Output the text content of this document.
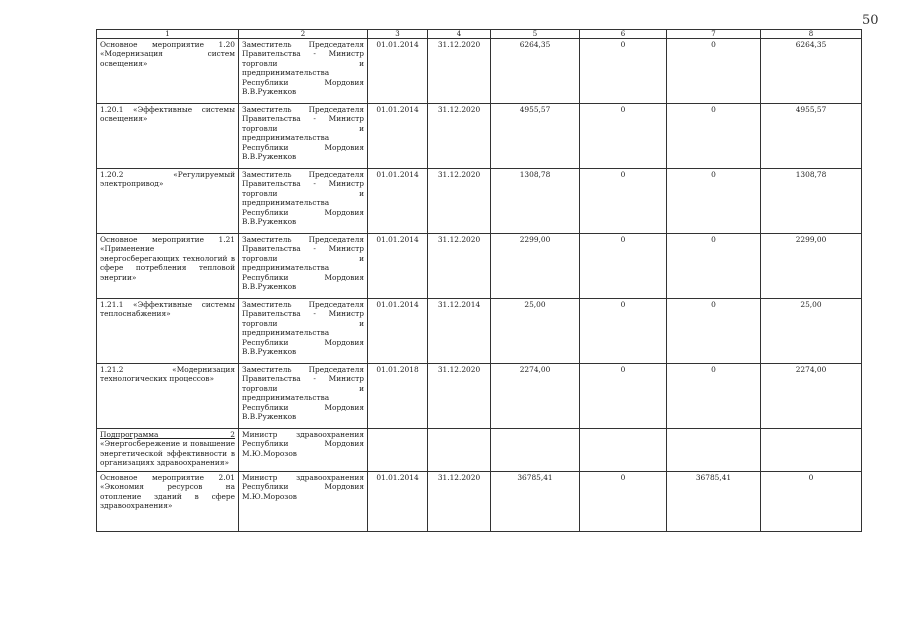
50
1	2	3	4	5	6	7	8
Основное мероприятие 1.20 «Модернизация систем освещения»	Заместитель Председателя Правительства - Министр торговли и предпринимательства Республики Мордовия В.В.Руженков	01.01.2014	31.12.2020	6264,35	0	0	6264,35
1.20.1 «Эффективные системы освещения»	Заместитель Председателя Правительства - Министр торговли и предпринимательства Республики Мордовия В.В.Руженков	01.01.2014	31.12.2020	4955,57	0	0	4955,57
1.20.2 «Регулируемый электропривод»	Заместитель Председателя Правительства - Министр торговли и предпринимательства Республики Мордовия В.В.Руженков	01.01.2014	31.12.2020	1308,78	0	0	1308,78
Основное мероприятие 1.21 «Применение энергосберегающих технологий в сфере потребления тепловой энергии»	Заместитель Председателя Правительства - Министр торговли и предпринимательства Республики Мордовия В.В.Руженков	01.01.2014	31.12.2020	2299,00	0	0	2299,00
1.21.1 «Эффективные системы теплоснабжения»	Заместитель Председателя Правительства - Министр торговли и предпринимательства Республики Мордовия В.В.Руженков	01.01.2014	31.12.2014	25,00	0	0	25,00
1.21.2 «Модернизация технологических процессов»	Заместитель Председателя Правительства - Министр торговли и предпринимательства Республики Мордовия В.В.Руженков	01.01.2018	31.12.2020	2274,00	0	0	2274,00
Подпрограмма 2 «Энергосбережение и повышение энергетической эффективности в организациях здравоохранения»	Министр здравоохранения Республики Мордовия М.Ю.Морозов						
Основное мероприятие 2.01 «Экономия ресурсов на отопление зданий в сфере здравоохранения»	Министр здравоохранения Республики Мордовия М.Ю.Морозов	01.01.2014	31.12.2020	36785,41	0	36785,41	0
